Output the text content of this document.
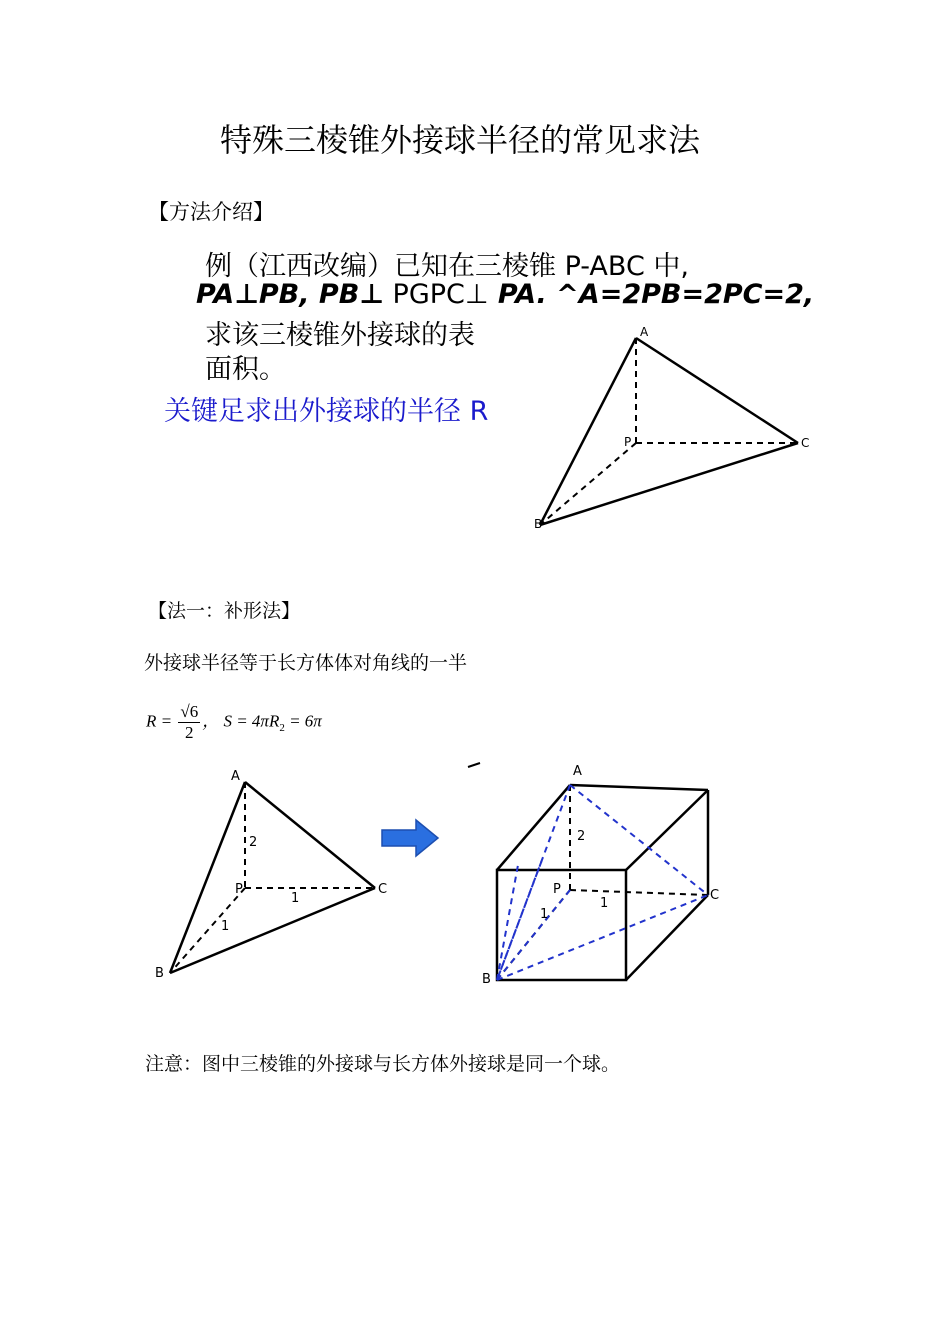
特殊三棱锥外接球半径的常见求法
【方法介绍】
例（江西改编）已知在三棱锥 P-ABC 中,
PA⊥PB, PB⊥ PGPC⊥ PA. ^A=2PB=2PC=2,
求该三棱锥外接球的表
面积。
关键足求出外接球的半径 R
A
P	C
B
【法一：补形法】
外接球半径等于长方体体对角线的一半
$R = \frac{√6}{2}$ ， $S = 4\pi R_2 = 6\pi$
A
P	C
B
2
1
1
A
P	C
B
2
1
1
注意：图中三棱锥的外接球与长方体外接球是同一个球。
